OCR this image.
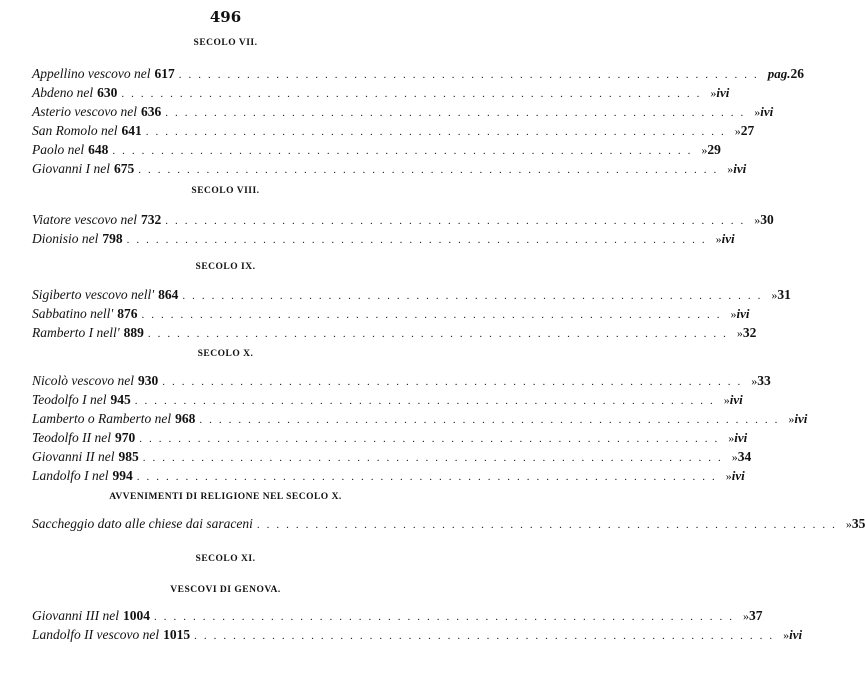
496
SECOLO VII.
Appellino vescovo nel 617 ............................................................ pag. 26
Abdeno nel 630 ............................................................ » ivi
Asterio vescovo nel 636 ............................................................ » ivi
San Romolo nel 641 ............................................................ » 27
Paolo nel 648 ............................................................ » 29
Giovanni I nel 675 ............................................................ » ivi
SECOLO VIII.
Viatore vescovo nel 732 ............................................................ » 30
Dionisio nel 798 ............................................................ » ivi
SECOLO IX.
Sigiberto vescovo nell' 864 ............................................................ » 31
Sabbatino nell' 876 ............................................................ » ivi
Ramberto I nell' 889 ............................................................ » 32
SECOLO X.
Nicolò vescovo nel 930 ............................................................ » 33
Teodolfo I nel 945 ............................................................ » ivi
Lamberto o Ramberto nel 968 ............................................................ » ivi
Teodolfo II nel 970 ............................................................ » ivi
Giovanni II nel 985 ............................................................ » 34
Landolfo I nel 994 ............................................................ » ivi
AVVENIMENTI DI RELIGIONE NEL SECOLO X.
Saccheggio dato alle chiese dai saraceni ............................................................ » 35
SECOLO XI.
VESCOVI DI GENOVA.
Giovanni III nel 1004 ............................................................ » 37
Landolfo II vescovo nel 1015 ............................................................ » ivi
